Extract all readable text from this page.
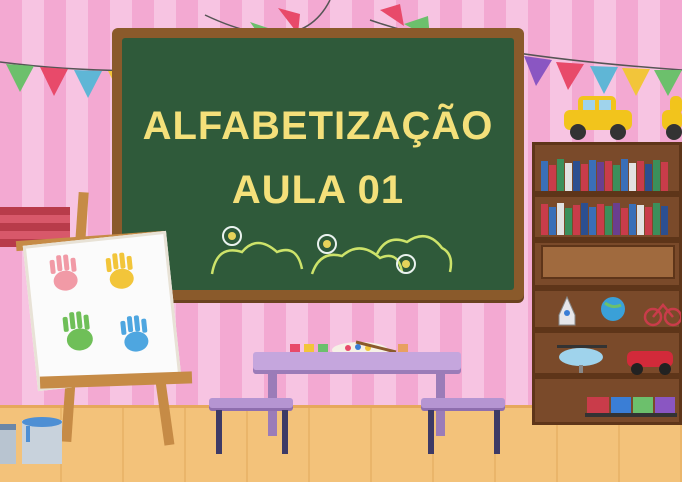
ALFABETIZAÇÃO
AULA 01
